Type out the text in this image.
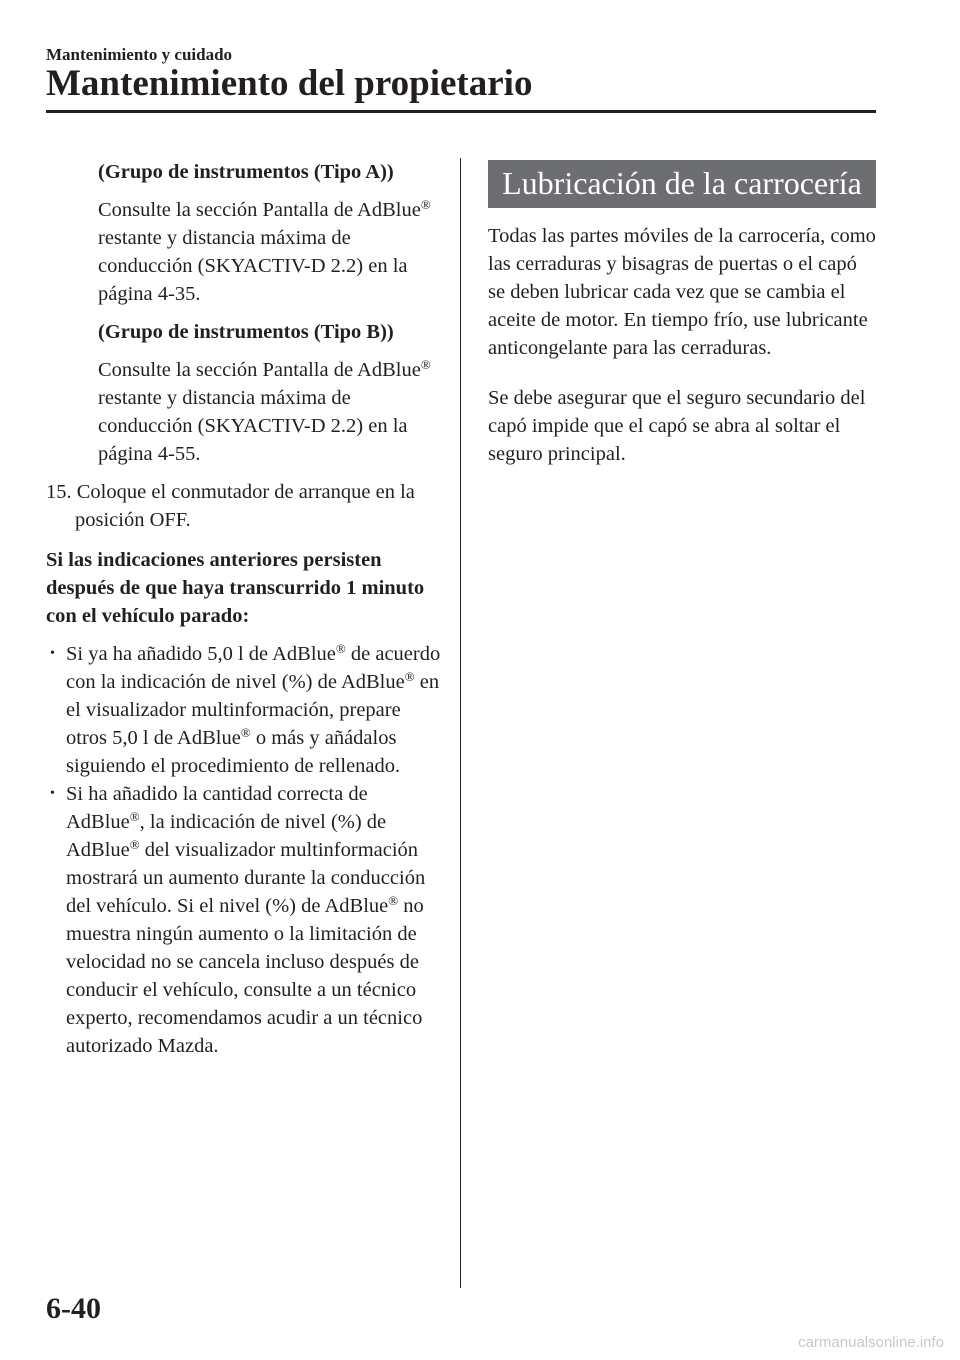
Mantenimiento y cuidado
Mantenimiento del propietario

(Grupo de instrumentos (Tipo A))

Consulte la sección Pantalla de AdBlue® restante y distancia máxima de conducción (SKYACTIV-D 2.2) en la página 4-35.

(Grupo de instrumentos (Tipo B))

Consulte la sección Pantalla de AdBlue® restante y distancia máxima de conducción (SKYACTIV-D 2.2) en la página 4-55.

15. Coloque el conmutador de arranque en la posición OFF.

Si las indicaciones anteriores persisten después de que haya transcurrido 1 minuto con el vehículo parado:

• Si ya ha añadido 5,0 l de AdBlue® de acuerdo con la indicación de nivel (%) de AdBlue® en el visualizador multinformación, prepare otros 5,0 l de AdBlue® o más y añádalos siguiendo el procedimiento de rellenado.
• Si ha añadido la cantidad correcta de AdBlue®, la indicación de nivel (%) de AdBlue® del visualizador multinformación mostrará un aumento durante la conducción del vehículo. Si el nivel (%) de AdBlue® no muestra ningún aumento o la limitación de velocidad no se cancela incluso después de conducir el vehículo, consulte a un técnico experto, recomendamos acudir a un técnico autorizado Mazda.
Lubricación de la carrocería

Todas las partes móviles de la carrocería, como las cerraduras y bisagras de puertas o el capó se deben lubricar cada vez que se cambia el aceite de motor. En tiempo frío, use lubricante anticongelante para las cerraduras.

Se debe asegurar que el seguro secundario del capó impide que el capó se abra al soltar el seguro principal.

6-40
carmanualsonline.info
